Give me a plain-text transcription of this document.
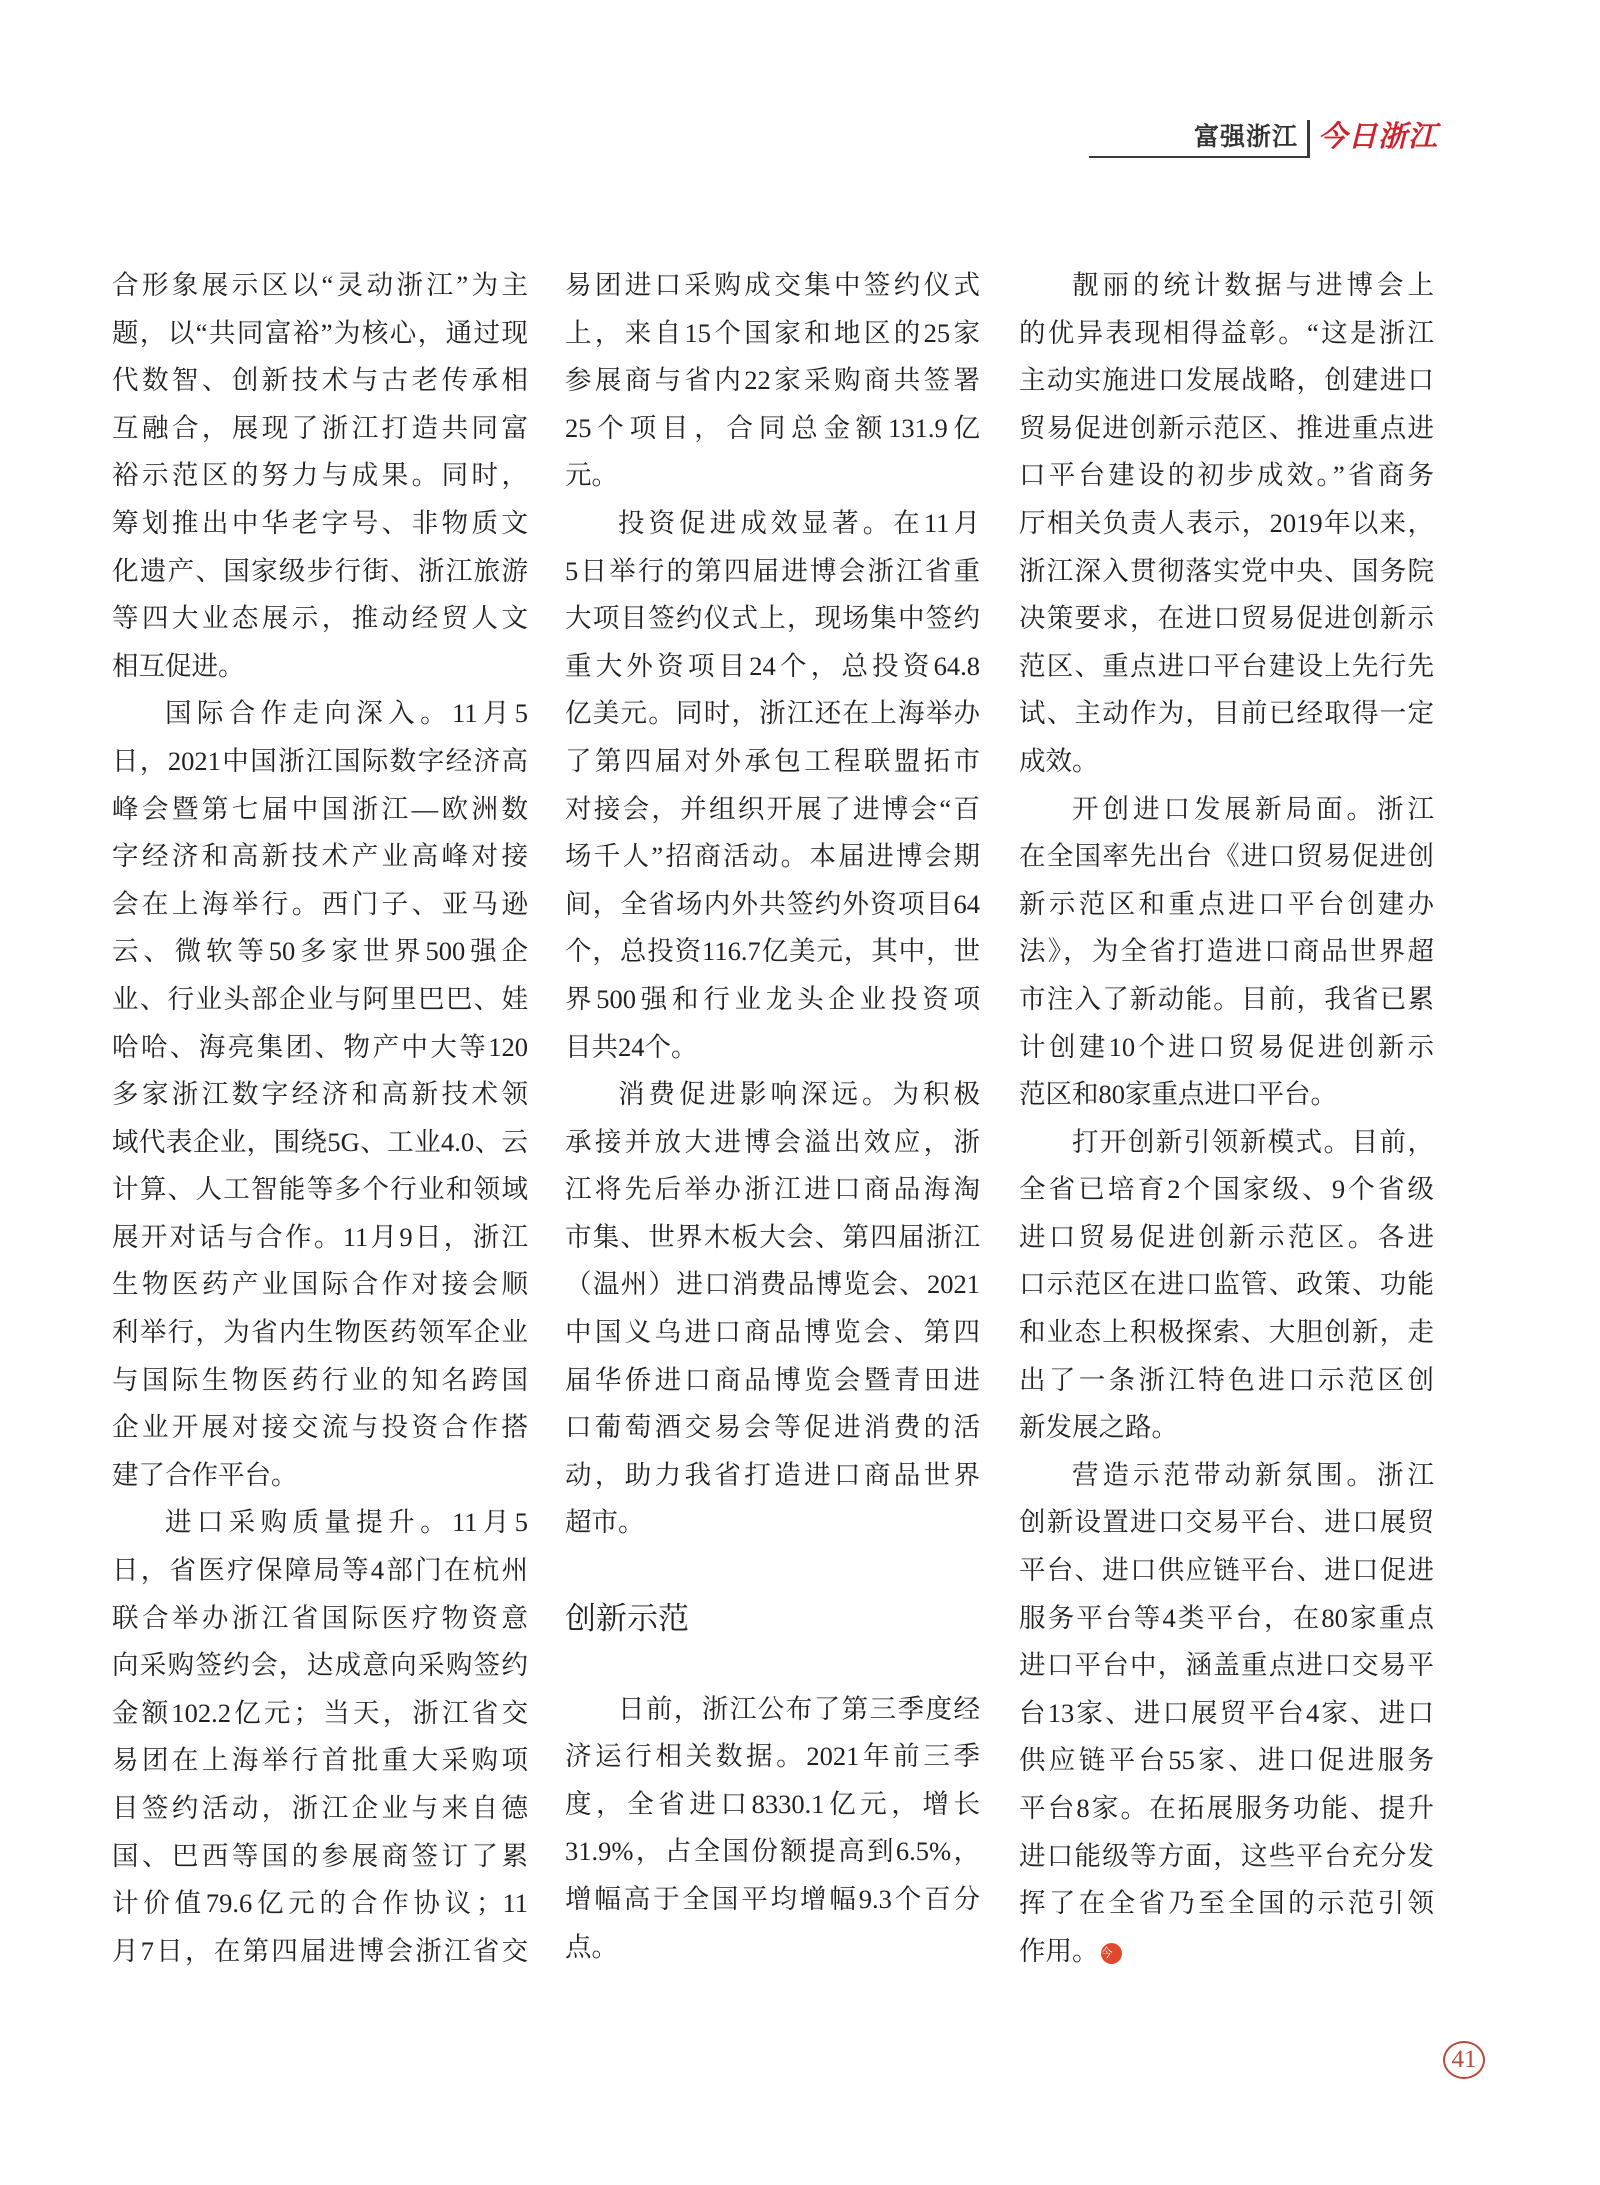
富强浙江 今日浙江
合形象展示区以“灵动浙江”为主
题，以“共同富裕”为核心，通过现
代数智、创新技术与古老传承相
互融合，展现了浙江打造共同富
裕示范区的努力与成果。同时，
筹划推出中华老字号、非物质文
化遗产、国家级步行街、浙江旅游
等四大业态展示，推动经贸人文
相互促进。
国际合作走向深入。11月5
日，2021中国浙江国际数字经济高
峰会暨第七届中国浙江—欧洲数
字经济和高新技术产业高峰对接
会在上海举行。西门子、亚马逊
云、微软等50多家世界500强企
业、行业头部企业与阿里巴巴、娃
哈哈、海亮集团、物产中大等120
多家浙江数字经济和高新技术领
域代表企业，围绕5G、工业4.0、云
计算、人工智能等多个行业和领域
展开对话与合作。11月9日，浙江
生物医药产业国际合作对接会顺
利举行，为省内生物医药领军企业
与国际生物医药行业的知名跨国
企业开展对接交流与投资合作搭
建了合作平台。
进口采购质量提升。11月5
日，省医疗保障局等4部门在杭州
联合举办浙江省国际医疗物资意
向采购签约会，达成意向采购签约
金额102.2亿元；当天，浙江省交
易团在上海举行首批重大采购项
目签约活动，浙江企业与来自德
国、巴西等国的参展商签订了累
计价值79.6亿元的合作协议；11
月7日，在第四届进博会浙江省交
易团进口采购成交集中签约仪式
上，来自15个国家和地区的25家
参展商与省内22家采购商共签署
25个项目，合同总金额131.9亿
元。
投资促进成效显著。在11月
5日举行的第四届进博会浙江省重
大项目签约仪式上，现场集中签约
重大外资项目24个，总投资64.8
亿美元。同时，浙江还在上海举办
了第四届对外承包工程联盟拓市
对接会，并组织开展了进博会“百
场千人”招商活动。本届进博会期
间，全省场内外共签约外资项目64
个，总投资116.7亿美元，其中，世
界500强和行业龙头企业投资项
目共24个。
消费促进影响深远。为积极
承接并放大进博会溢出效应，浙
江将先后举办浙江进口商品海淘
市集、世界木板大会、第四届浙江
（温州）进口消费品博览会、2021
中国义乌进口商品博览会、第四
届华侨进口商品博览会暨青田进
口葡萄酒交易会等促进消费的活
动，助力我省打造进口商品世界
超市。
创新示范
日前，浙江公布了第三季度经
济运行相关数据。2021年前三季
度，全省进口8330.1亿元，增长
31.9%，占全国份额提高到6.5%，
增幅高于全国平均增幅9.3个百分
点。
靓丽的统计数据与进博会上
的优异表现相得益彰。“这是浙江
主动实施进口发展战略，创建进口
贸易促进创新示范区、推进重点进
口平台建设的初步成效。”省商务
厅相关负责人表示，2019年以来，
浙江深入贯彻落实党中央、国务院
决策要求，在进口贸易促进创新示
范区、重点进口平台建设上先行先
试、主动作为，目前已经取得一定
成效。
开创进口发展新局面。浙江
在全国率先出台《进口贸易促进创
新示范区和重点进口平台创建办
法》，为全省打造进口商品世界超
市注入了新动能。目前，我省已累
计创建10个进口贸易促进创新示
范区和80家重点进口平台。
打开创新引领新模式。目前，
全省已培育2个国家级、9个省级
进口贸易促进创新示范区。各进
口示范区在进口监管、政策、功能
和业态上积极探索、大胆创新，走
出了一条浙江特色进口示范区创
新发展之路。
营造示范带动新氛围。浙江
创新设置进口交易平台、进口展贸
平台、进口供应链平台、进口促进
服务平台等4类平台，在80家重点
进口平台中，涵盖重点进口交易平
台13家、进口展贸平台4家、进口
供应链平台55家、进口促进服务
平台8家。在拓展服务功能、提升
进口能级等方面，这些平台充分发
挥了在全省乃至全国的示范引领
作用。 今
41
